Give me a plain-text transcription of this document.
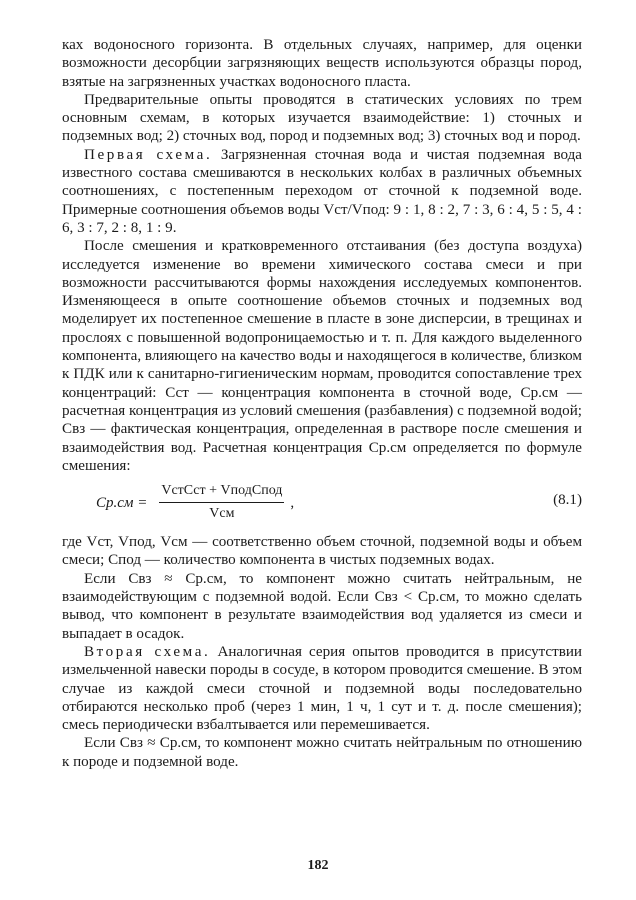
ках водоносного горизонта. В отдельных случаях, например, для оценки возможности десорбции загрязняющих веществ используются образцы пород, взятые на загрязненных участках водоносного пласта.

Предварительные опыты проводятся в статических условиях по трем основным схемам, в которых изучается взаимодействие: 1) сточных и подземных вод; 2) сточных вод, пород и подземных вод; 3) сточных вод и пород.

Первая схема. Загрязненная сточная вода и чистая подземная вода известного состава смешиваются в нескольких колбах в различных объемных соотношениях, с постепенным переходом от сточной к подземной воде. Примерные соотношения объемов воды Vст/Vпод: 9 : 1, 8 : 2, 7 : 3, 6 : 4, 5 : 5, 4 : 6, 3 : 7, 2 : 8, 1 : 9.

После смешения и кратковременного отстаивания (без доступа воздуха) исследуется изменение во времени химического состава смеси и при возможности рассчитываются формы нахождения исследуемых компонентов. Изменяющееся в опыте соотношение объемов сточных и подземных вод моделирует их постепенное смешение в пласте в зоне дисперсии, в трещинах и прослоях с повышенной водопроницаемостью и т. п. Для каждого выделенного компонента, влияющего на качество воды и находящегося в количестве, близком к ПДК или к санитарно-гигиеническим нормам, проводится сопоставление трех концентраций: Сст — концентрация компонента в сточной воде, Ср.см — расчетная концентрация из условий смешения (разбавления) с подземной водой; Свз — фактическая концентрация, определенная в растворе после смешения и взаимодействия вод. Расчетная концентрация Ср.см определяется по формуле смешения:

$Ср.см = \frac{\text{VстСст + VподСпод}}{\text{Vсм}}$ ,	(8.1)

где Vст, Vпод, Vсм — соответственно объем сточной, подземной воды и объем смеси; Спод — количество компонента в чистых подземных водах.

Если Свз ≈ Ср.см, то компонент можно считать нейтральным, не взаимодействующим с подземной водой. Если Свз < Ср.см, то можно сделать вывод, что компонент в результате взаимодействия вод удаляется из смеси и выпадает в осадок.

Вторая схема. Аналогичная серия опытов проводится в присутствии измельченной навески породы в сосуде, в котором проводится смешение. В этом случае из каждой смеси сточной и подземной воды последовательно отбираются несколько проб (через 1 мин, 1 ч, 1 сут и т. д. после смешения); смесь периодически взбалтывается или перемешивается.

Если Свз ≈ Ср.см, то компонент можно считать нейтральным по отношению к породе и подземной воде.

182
